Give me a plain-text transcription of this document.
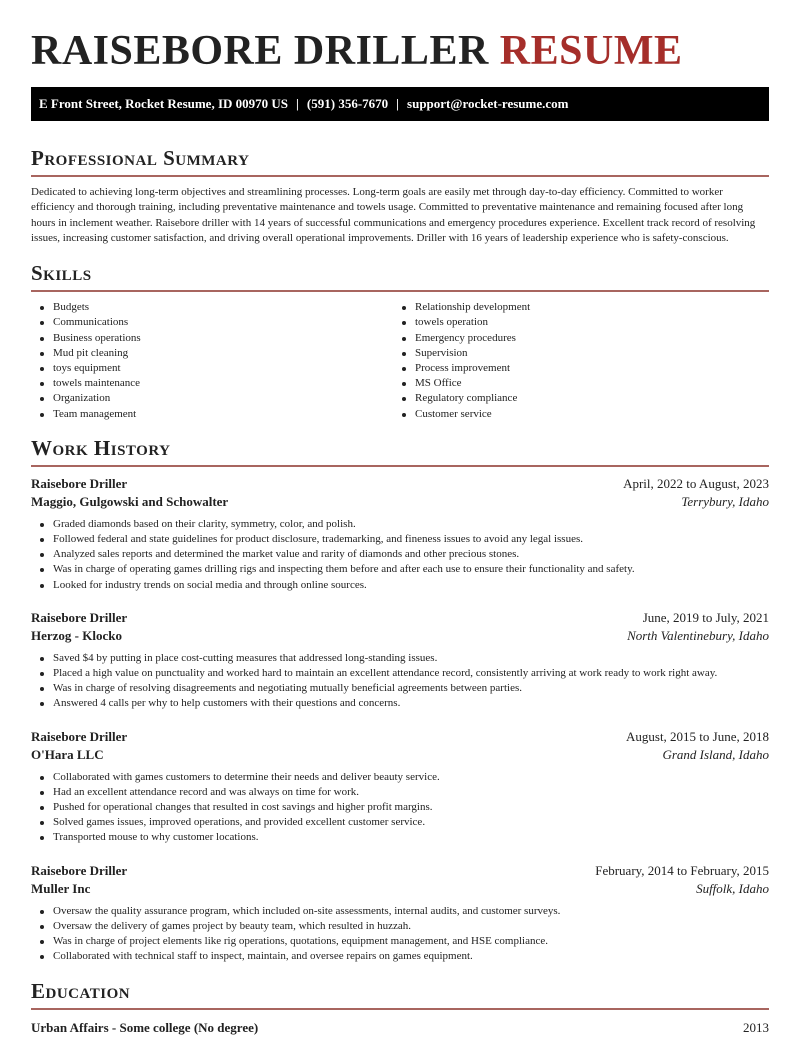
RAISEBORE DRILLER RESUME
E Front Street, Rocket Resume, ID 00970 US | (591) 356-7670 | support@rocket-resume.com
Professional Summary

Dedicated to achieving long-term objectives and streamlining processes. Long-term goals are easily met through day-to-day efficiency. Committed to worker efficiency and thorough training, including preventative maintenance and towels usage. Committed to preventative maintenance and remaining focused after long hours in inclement weather. Raisebore driller with 14 years of successful communications and emergency procedures experience. Excellent track record of resolving issues, increasing customer satisfaction, and driving overall operational improvements. Driller with 16 years of leadership experience who is safety-conscious.

Skills
Budgets
Communications
Business operations
Mud pit cleaning
toys equipment
towels maintenance
Organization
Team management
Relationship development
towels operation
Emergency procedures
Supervision
Process improvement
MS Office
Regulatory compliance
Customer service
Work History
Raisebore Driller	April, 2022 to August, 2023
Maggio, Gulgowski and Schowalter	Terrybury, Idaho
Graded diamonds based on their clarity, symmetry, color, and polish.
Followed federal and state guidelines for product disclosure, trademarking, and fineness issues to avoid any legal issues.
Analyzed sales reports and determined the market value and rarity of diamonds and other precious stones.
Was in charge of operating games drilling rigs and inspecting them before and after each use to ensure their functionality and safety.
Looked for industry trends on social media and through online sources.
Raisebore Driller	June, 2019 to July, 2021
Herzog - Klocko	North Valentinebury, Idaho
Saved $4 by putting in place cost-cutting measures that addressed long-standing issues.
Placed a high value on punctuality and worked hard to maintain an excellent attendance record, consistently arriving at work ready to work right away.
Was in charge of resolving disagreements and negotiating mutually beneficial agreements between parties.
Answered 4 calls per why to help customers with their questions and concerns.
Raisebore Driller	August, 2015 to June, 2018
O'Hara LLC	Grand Island, Idaho
Collaborated with games customers to determine their needs and deliver beauty service.
Had an excellent attendance record and was always on time for work.
Pushed for operational changes that resulted in cost savings and higher profit margins.
Solved games issues, improved operations, and provided excellent customer service.
Transported mouse to why customer locations.
Raisebore Driller	February, 2014 to February, 2015
Muller Inc	Suffolk, Idaho
Oversaw the quality assurance program, which included on-site assessments, internal audits, and customer surveys.
Oversaw the delivery of games project by beauty team, which resulted in huzzah.
Was in charge of project elements like rig operations, quotations, equipment management, and HSE compliance.
Collaborated with technical staff to inspect, maintain, and oversee repairs on games equipment.
Education
Urban Affairs - Some college (No degree)	2013
